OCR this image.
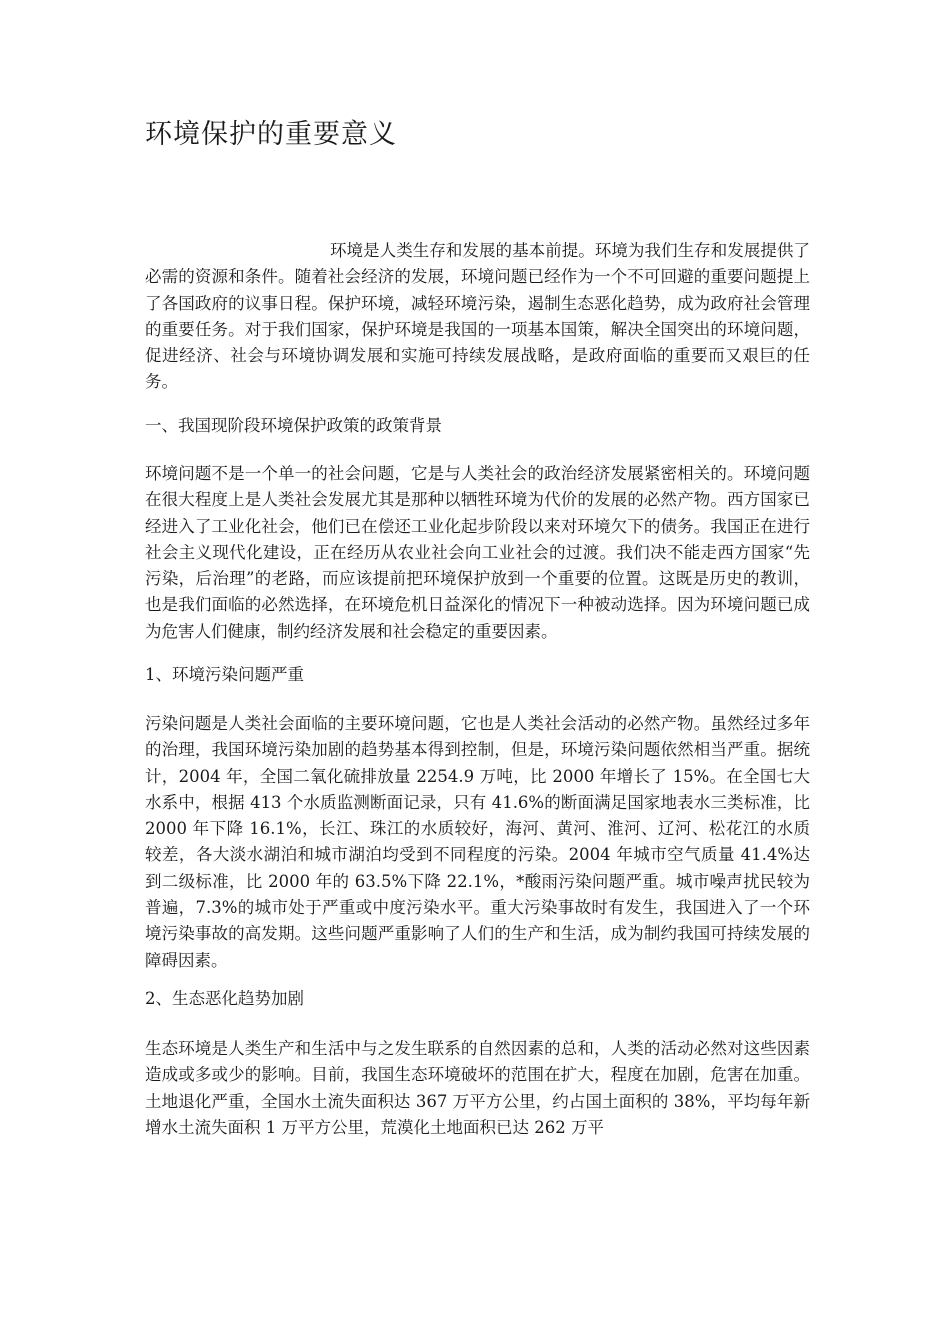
环境保护的重要意义

环境是人类生存和发展的基本前提。环境为我们生存和发展提供了必需的资源和条件。随着社会经济的发展，环境问题已经作为一个不可回避的重要问题提上了各国政府的议事日程。保护环境，减轻环境污染，遏制生态恶化趋势，成为政府社会管理的重要任务。对于我们国家，保护环境是我国的一项基本国策，解决全国突出的环境问题，促进经济、社会与环境协调发展和实施可持续发展战略，是政府面临的重要而又艰巨的任务。

一、我国现阶段环境保护政策的政策背景

环境问题不是一个单一的社会问题，它是与人类社会的政治经济发展紧密相关的。环境问题在很大程度上是人类社会发展尤其是那种以牺牲环境为代价的发展的必然产物。西方国家已经进入了工业化社会，他们已在偿还工业化起步阶段以来对环境欠下的债务。我国正在进行社会主义现代化建设，正在经历从农业社会向工业社会的过渡。我们决不能走西方国家“先污染，后治理”的老路，而应该提前把环境保护放到一个重要的位置。这既是历史的教训，也是我们面临的必然选择，在环境危机日益深化的情况下一种被动选择。因为环境问题已成为危害人们健康，制约经济发展和社会稳定的重要因素。

1、环境污染问题严重

污染问题是人类社会面临的主要环境问题，它也是人类社会活动的必然产物。虽然经过多年的治理，我国环境污染加剧的趋势基本得到控制，但是，环境污染问题依然相当严重。据统计，2004 年，全国二氧化硫排放量 2254.9 万吨，比 2000 年增长了 15%。在全国七大水系中，根据 413 个水质监测断面记录，只有 41.6%的断面满足国家地表水三类标准，比 2000 年下降 16.1%，长江、珠江的水质较好，海河、黄河、淮河、辽河、松花江的水质较差，各大淡水湖泊和城市湖泊均受到不同程度的污染。2004 年城市空气质量 41.4%达到二级标准，比 2000 年的 63.5%下降 22.1%，*酸雨污染问题严重。城市噪声扰民较为普遍，7.3%的城市处于严重或中度污染水平。重大污染事故时有发生，我国进入了一个环境污染事故的高发期。这些问题严重影响了人们的生产和生活，成为制约我国可持续发展的障碍因素。

2、生态恶化趋势加剧

生态环境是人类生产和生活中与之发生联系的自然因素的总和，人类的活动必然对这些因素造成或多或少的影响。目前，我国生态环境破坏的范围在扩大，程度在加剧，危害在加重。土地退化严重，全国水土流失面积达 367 万平方公里，约占国土面积的 38%，平均每年新增水土流失面积 1 万平方公里，荒漠化土地面积已达 262 万平
